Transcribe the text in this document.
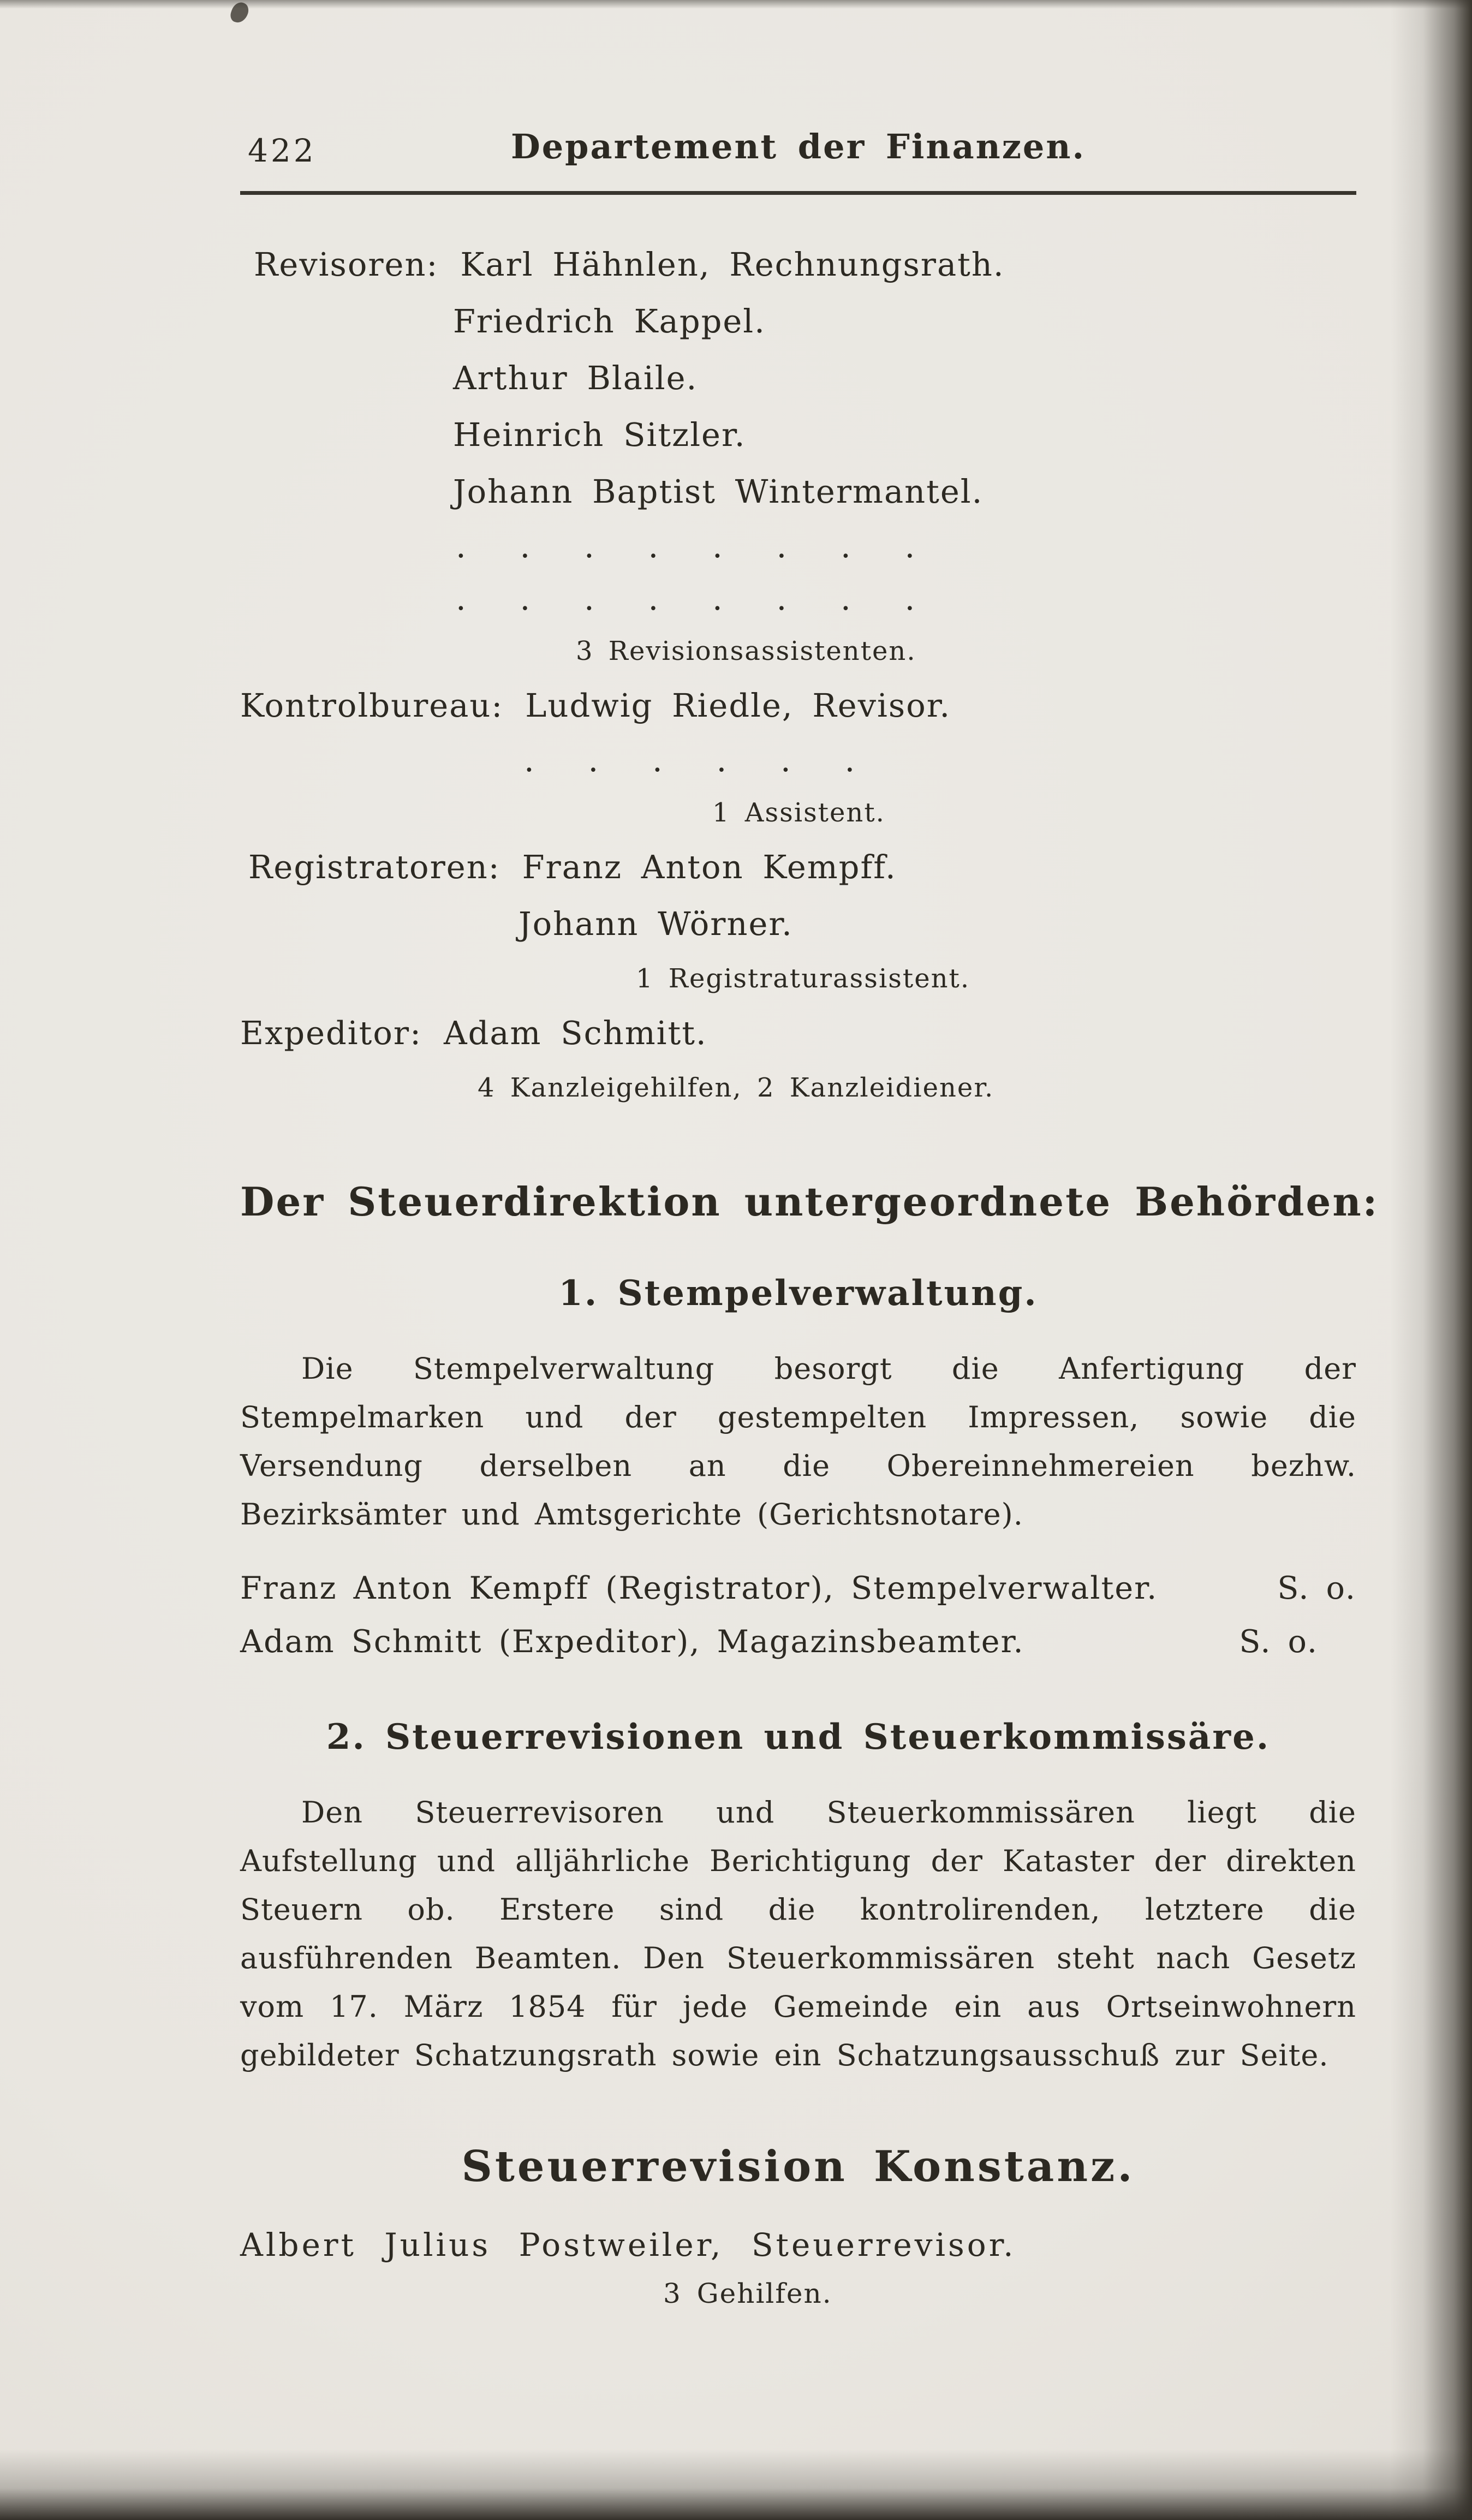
422	Departement der Finanzen.
Revisoren: Karl Hähnlen, Rechnungsrath.
Friedrich Kappel.
Arthur Blaile.
Heinrich Sitzler.
Johann Baptist Wintermantel.
. . . . . . . .
. . . . . . . .
3 Revisionsassistenten.
Kontrolbureau: Ludwig Riedle, Revisor.
. . . . . .
1 Assistent.
Registratoren: Franz Anton Kempff.
Johann Wörner.
1 Registraturassistent.
Expeditor: Adam Schmitt.
4 Kanzleigehilfen, 2 Kanzleidiener.
Der Steuerdirektion untergeordnete Behörden:
1. Stempelverwaltung.
Die Stempelverwaltung besorgt die Anfertigung der Stempelmarken und der gestempelten Impressen, sowie die Versendung derselben an die Obereinnehmereien bezhw. Bezirksämter und Amtsgerichte (Gerichtsnotare).
Franz Anton Kempff (Registrator), Stempelverwalter.	S. o.
Adam Schmitt (Expeditor), Magazinsbeamter.	S. o.
2. Steuerrevisionen und Steuerkommissäre.
Den Steuerrevisoren und Steuerkommissären liegt die Aufstellung und alljährliche Berichtigung der Kataster der direkten Steuern ob. Erstere sind die kontrolirenden, letztere die ausführenden Beamten. Den Steuerkommissären steht nach Gesetz vom 17. März 1854 für jede Gemeinde ein aus Ortseinwohnern gebildeter Schatzungsrath sowie ein Schatzungsausschuß zur Seite.
Steuerrevision Konstanz.
Albert Julius Postweiler, Steuerrevisor.
3 Gehilfen.
